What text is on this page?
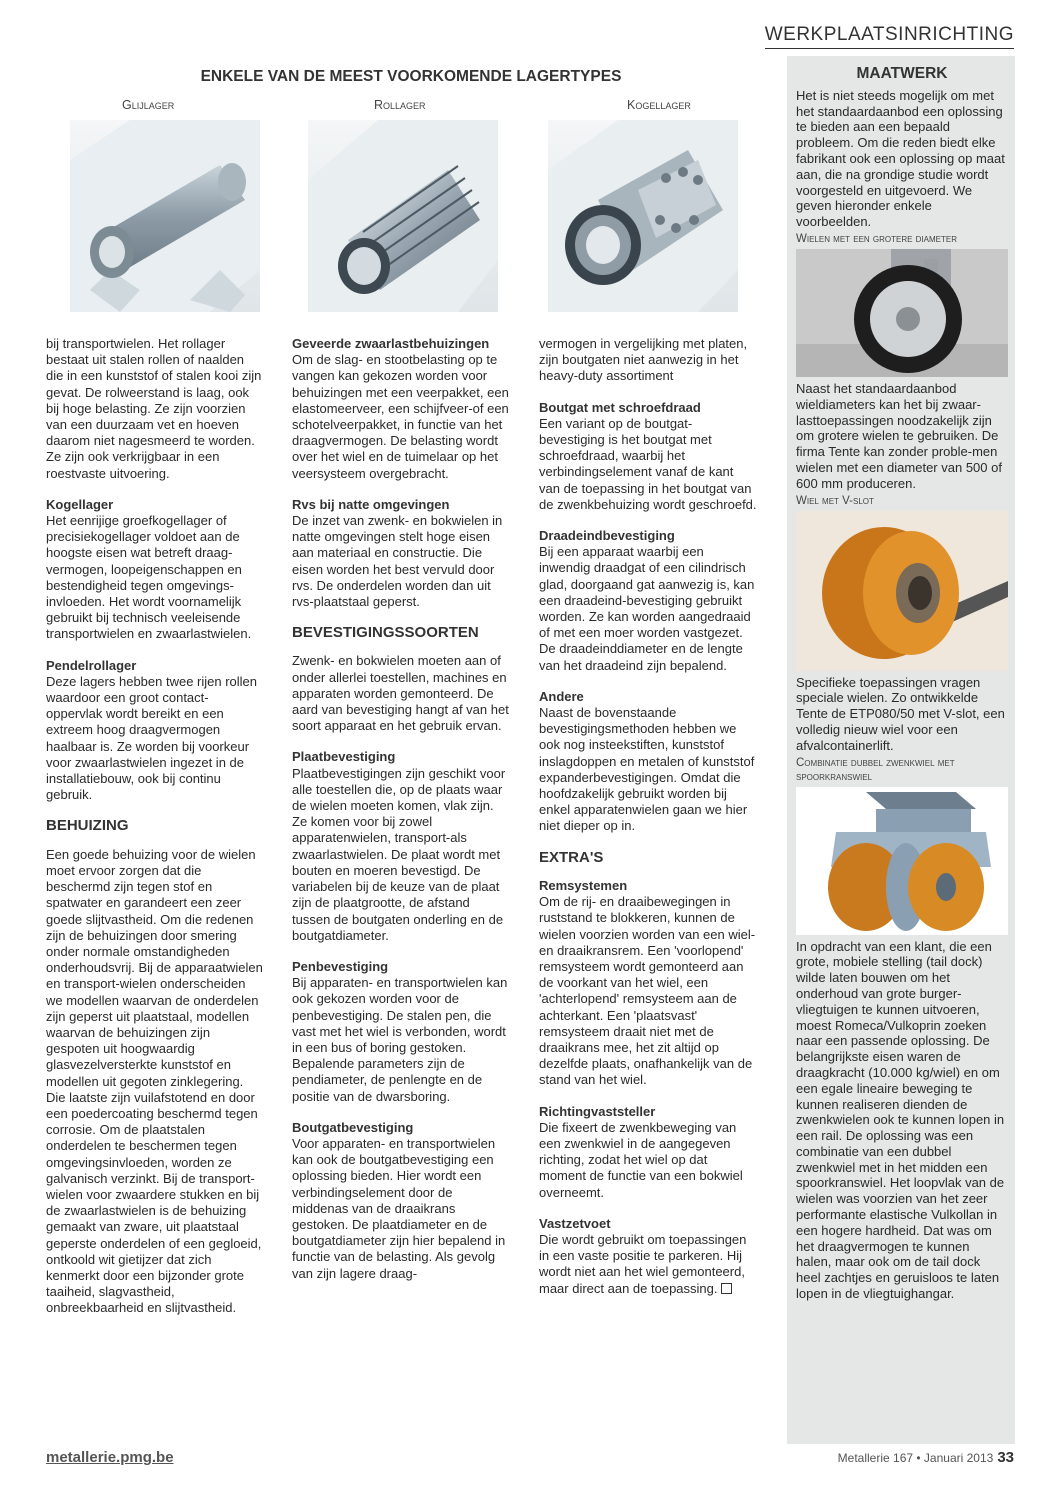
WERKPLAATSINRICHTING
ENKELE VAN DE MEEST VOORKOMENDE LAGERTYPES
Glijlager	Rollager	Kogellager

bij transportwielen. Het rollager bestaat uit stalen rollen of naalden die in een kunststof of stalen kooi zijn gevat. De rolweerstand is laag, ook bij hoge belasting. Ze zijn voorzien van een duurzaam vet en hoeven daarom niet nagesmeerd te worden. Ze zijn ook verkrijgbaar in een roestvaste uitvoering.

Kogellager

Het eenrijige groefkogellager of precisiekogellager voldoet aan de hoogste eisen wat betreft draag-vermogen, loopeigenschappen en bestendigheid tegen omgevings-invloeden. Het wordt voornamelijk gebruikt bij technisch veeleisende transportwielen en zwaarlastwielen.

Pendelrollager

Deze lagers hebben twee rijen rollen waardoor een groot contact-oppervlak wordt bereikt en een extreem hoog draagvermogen haalbaar is. Ze worden bij voorkeur voor zwaarlastwielen ingezet in de installatiebouw, ook bij continu gebruik.

BEHUIZING

Een goede behuizing voor de wielen moet ervoor zorgen dat die beschermd zijn tegen stof en spatwater en garandeert een zeer goede slijtvastheid. Om die redenen zijn de behuizingen door smering onder normale omstandigheden onderhoudsvrij. Bij de apparaatwielen en transport-wielen onderscheiden we modellen waarvan de onderdelen zijn geperst uit plaatstaal, modellen waarvan de behuizingen zijn gespoten uit hoogwaardig glasvezelversterkte kunststof en modellen uit gegoten zinklegering. Die laatste zijn vuilafstotend en door een poedercoating beschermd tegen corrosie. Om de plaatstalen onderdelen te beschermen tegen omgevingsinvloeden, worden ze galvanisch verzinkt. Bij de transport-wielen voor zwaardere stukken en bij de zwaarlastwielen is de behuizing gemaakt van zware, uit plaatstaal geperste onderdelen of een gegloeid, ontkoold wit gietijzer dat zich kenmerkt door een bijzonder grote taaiheid, slagvastheid, onbreekbaarheid en slijtvastheid.

Geveerde zwaarlastbehuizingen

Om de slag- en stootbelasting op te vangen kan gekozen worden voor behuizingen met een veerpakket, een elastomeerveer, een schijfveer-of een schotelveerpakket, in functie van het draagvermogen. De belasting wordt over het wiel en de tuimelaar op het veersysteem overgebracht.

Rvs bij natte omgevingen

De inzet van zwenk- en bokwielen in natte omgevingen stelt hoge eisen aan materiaal en constructie. Die eisen worden het best vervuld door rvs. De onderdelen worden dan uit rvs-plaatstaal geperst.

BEVESTIGINGSSOORTEN

Zwenk- en bokwielen moeten aan of onder allerlei toestellen, machines en apparaten worden gemonteerd. De aard van bevestiging hangt af van het soort apparaat en het gebruik ervan.

Plaatbevestiging

Plaatbevestigingen zijn geschikt voor alle toestellen die, op de plaats waar de wielen moeten komen, vlak zijn. Ze komen voor bij zowel apparatenwielen, transport-als zwaarlastwielen. De plaat wordt met bouten en moeren bevestigd. De variabelen bij de keuze van de plaat zijn de plaatgrootte, de afstand tussen de boutgaten onderling en de boutgatdiameter.

Penbevestiging

Bij apparaten- en transportwielen kan ook gekozen worden voor de penbevestiging. De stalen pen, die vast met het wiel is verbonden, wordt in een bus of boring gestoken. Bepalende parameters zijn de pendiameter, de penlengte en de positie van de dwarsboring.

Boutgatbevestiging

Voor apparaten- en transportwielen kan ook de boutgatbevestiging een oplossing bieden. Hier wordt een verbindingselement door de middenas van de draaikrans gestoken. De plaatdiameter en de boutgatdiameter zijn hier bepalend in functie van de belasting. Als gevolg van zijn lagere draag-

vermogen in vergelijking met platen, zijn boutgaten niet aanwezig in het heavy-duty assortiment

Boutgat met schroefdraad

Een variant op de boutgat-bevestiging is het boutgat met schroefdraad, waarbij het verbindingselement vanaf de kant van de toepassing in het boutgat van de zwenkbehuizing wordt geschroefd.

Draadeindbevestiging

Bij een apparaat waarbij een inwendig draadgat of een cilindrisch glad, doorgaand gat aanwezig is, kan een draadeind-bevestiging gebruikt worden. Ze kan worden aangedraaid of met een moer worden vastgezet. De draadeinddiameter en de lengte van het draadeind zijn bepalend.

Andere

Naast de bovenstaande bevestigingsmethoden hebben we ook nog insteekstiften, kunststof inslagdoppen en metalen of kunststof expanderbevestigingen. Omdat die hoofdzakelijk gebruikt worden bij enkel apparatenwielen gaan we hier niet dieper op in.

EXTRA'S
Remsystemen

Om de rij- en draaibewegingen in ruststand te blokkeren, kunnen de wielen voorzien worden van een wiel- en draaikransrem. Een 'voorlopend' remsysteem wordt gemonteerd aan de voorkant van het wiel, een 'achterlopend' remsysteem aan de achterkant. Een 'plaatsvast' remsysteem draait niet met de draaikrans mee, het zit altijd op dezelfde plaats, onafhankelijk van de stand van het wiel.

Richtingvaststeller

Die fixeert de zwenkbeweging van een zwenkwiel in de aangegeven richting, zodat het wiel op dat moment de functie van een bokwiel overneemt.

Vastzetvoet

Die wordt gebruikt om toepassingen in een vaste positie te parkeren. Hij wordt niet aan het wiel gemonteerd, maar direct aan de toepassing.

MAATWERK

Het is niet steeds mogelijk om met het standaardaanbod een oplossing te bieden aan een bepaald probleem. Om die reden biedt elke fabrikant ook een oplossing op maat aan, die na grondige studie wordt voorgesteld en uitgevoerd. We geven hieronder enkele voorbeelden.

Wielen met een grotere diameter

Naast het standaardaanbod wieldiameters kan het bij zwaar-lasttoepassingen noodzakelijk zijn om grotere wielen te gebruiken. De firma Tente kan zonder proble-men wielen met een diameter van 500 of 600 mm produceren.

Wiel met V-slot

Specifieke toepassingen vragen speciale wielen. Zo ontwikkelde Tente de ETP080/50 met V-slot, een volledig nieuw wiel voor een afvalcontainerlift.

Combinatie dubbel zwenkwiel met spoorkranswiel

In opdracht van een klant, die een grote, mobiele stelling (tail dock) wilde laten bouwen om het onderhoud van grote burger-vliegtuigen te kunnen uitvoeren, moest Romeca/Vulkoprin zoeken naar een passende oplossing. De belangrijkste eisen waren de draagkracht (10.000 kg/wiel) en om een egale lineaire beweging te kunnen realiseren dienden de zwenkwielen ook te kunnen lopen in een rail. De oplossing was een combinatie van een dubbel zwenkwiel met in het midden een spoorkranswiel. Het loopvlak van de wielen was voorzien van het zeer performante elastische Vulkollan in een hogere hardheid. Dat was om het draagvermogen te kunnen halen, maar ook om de tail dock heel zachtjes en geruisloos te laten lopen in de vliegtuighangar.

metallerie.pmg.be	Metallerie 167 • Januari 2013 33
